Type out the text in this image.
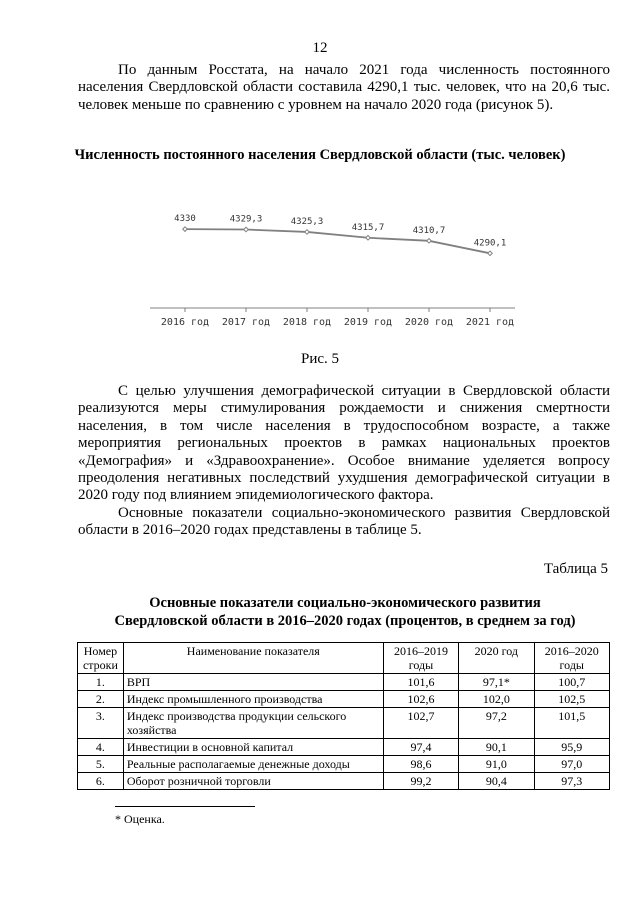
12

По данным Росстата, на начало 2021 года численность постоянного населения Свердловской области составила 4290,1 тыс. человек, что на 20,6 тыс. человек меньше по сравнению с уровнем на начало 2020 года (рисунок 5).

Численность постоянного населения Свердловской области (тыс. человек)
4330
2016 год
4329,3
2017 год
4325,3
2018 год
4315,7
2019 год
4310,7
2020 год
4290,1
2021 год
Рис. 5

С целью улучшения демографической ситуации в Свердловской области реализуются меры стимулирования рождаемости и снижения смертности населения, в том числе населения в трудоспособном возрасте, а также мероприятия региональных проектов в рамках национальных проектов «Демография» и «Здравоохранение». Особое внимание уделяется вопросу преодоления негативных последствий ухудшения демографической ситуации в 2020 году под влиянием эпидемиологического фактора.

Основные показатели социально-экономического развития Свердловской области в 2016–2020 годах представлены в таблице 5.

Таблица 5
Основные показатели социально-экономического развития
Свердловской области в 2016–2020 годах (процентов, в среднем за год)
Номер строки	Наименование показателя	2016–2019 годы	2020 год	2016–2020 годы
1.	ВРП	101,6	97,1*	100,7
2.	Индекс промышленного производства	102,6	102,0	102,5
3.	Индекс производства продукции сельского хозяйства	102,7	97,2	101,5
4.	Инвестиции в основной капитал	97,4	90,1	95,9
5.	Реальные располагаемые денежные доходы	98,6	91,0	97,0
6.	Оборот розничной торговли	99,2	90,4	97,3
* Оценка.
